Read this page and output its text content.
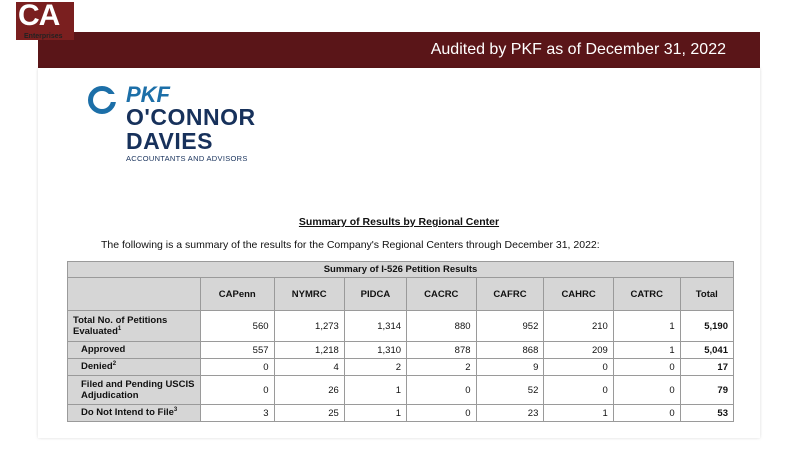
CA
Enterprises
Audited by PKF as of December 31, 2022
PKF
O'CONNOR
DAVIES
ACCOUNTANTS AND ADVISORS
Summary of Results by Regional Center
The following is a summary of the results for the Company's Regional Centers through December 31, 2022:
Summary of I-526 Petition Results								
	CAPenn	NYMRC	PIDCA	CACRC	CAFRC	CAHRC	CATRC	Total
Total No. of Petitions Evaluated$^1$	560	1,273	1,314	880	952	210	1	5,190
Approved	557	1,218	1,310	878	868	209	1	5,041
Denied$^2$	0	4	2	2	9	0	0	17
Filed and Pending USCIS Adjudication	0	26	1	0	52	0	0	79
Do Not Intend to File$^3$	3	25	1	0	23	1	0	53
